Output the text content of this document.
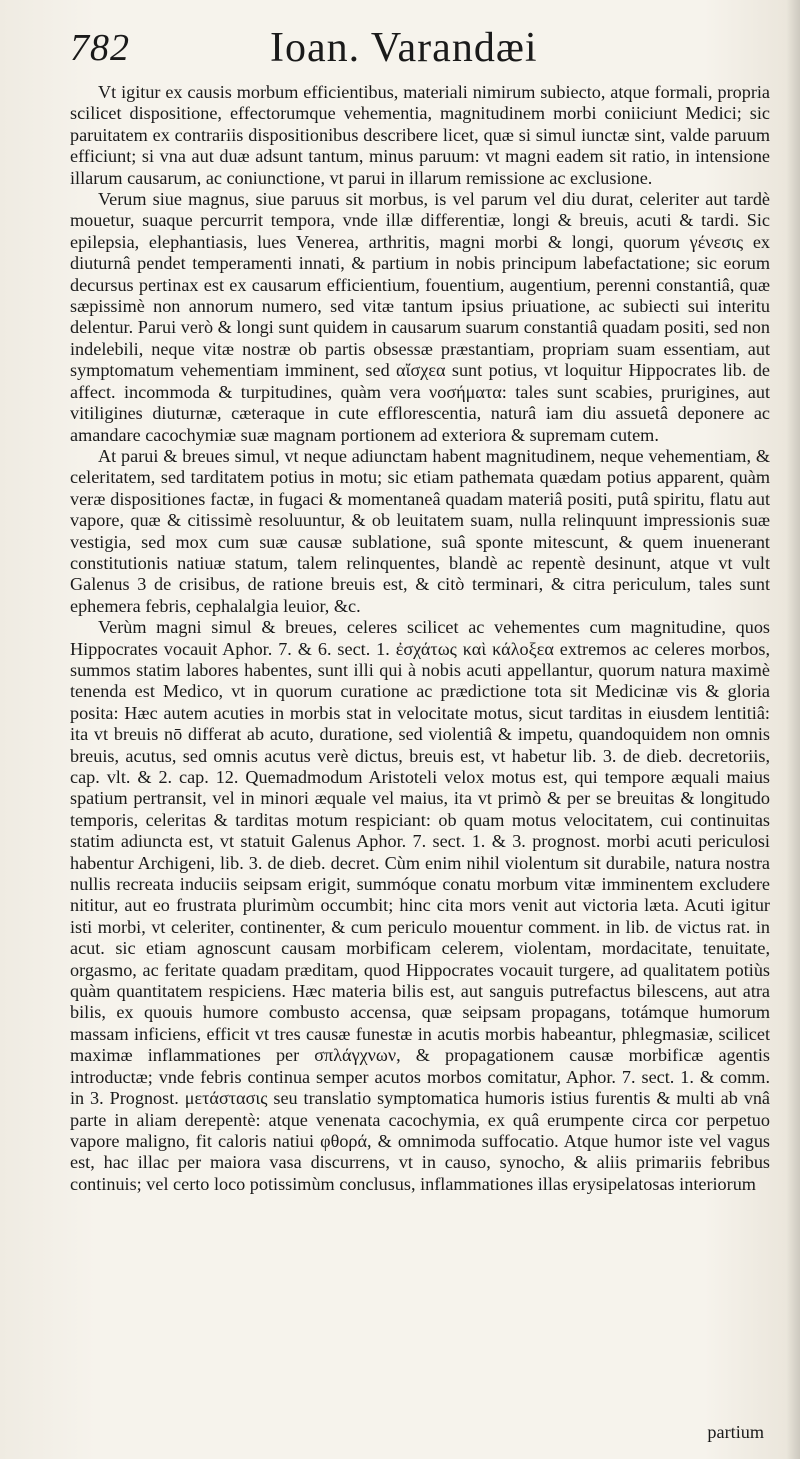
782	Ioan. Varandæi

Vt igitur ex causis morbum efficientibus, materiali nimirum subiecto, atque formali, propria scilicet dispositione, effectorumque vehementia, magnitudinem morbi coniiciunt Medici; sic paruitatem ex contrariis dispositionibus describere licet, quæ si simul iunctæ sint, valde paruum efficiunt; si vna aut duæ adsunt tantum, minus paruum: vt magni eadem sit ratio, in intensione illarum causarum, ac coniunctione, vt parui in illarum remissione ac exclusione.

Verum siue magnus, siue paruus sit morbus, is vel parum vel diu durat, celeriter aut tardè mouetur, suaque percurrit tempora, vnde illæ differentiæ, longi & breuis, acuti & tardi. Sic epilepsia, elephantiasis, lues Venerea, arthritis, magni morbi & longi, quorum γένεσις ex diuturnâ pendet temperamenti innati, & partium in nobis principum labefactatione; sic eorum decursus pertinax est ex causarum efficientium, fouentium, augentium, perenni constantiâ, quæ sæpissimè non annorum numero, sed vitæ tantum ipsius priuatione, ac subiecti sui interitu delentur. Parui verò & longi sunt quidem in causarum suarum constantiâ quadam positi, sed non indelebili, neque vitæ nostræ ob partis obsessæ præstantiam, propriam suam essentiam, aut symptomatum vehementiam imminent, sed αἴσχεα sunt potius, vt loquitur Hippocrates lib. de affect. incommoda & turpitudines, quàm vera νοσήματα: tales sunt scabies, prurigines, aut vitiligines diuturnæ, cæteraque in cute efflorescentia, naturâ iam diu assuetâ deponere ac amandare cacochymiæ suæ magnam portionem ad exteriora & supremam cutem.

At parui & breues simul, vt neque adiunctam habent magnitudinem, neque vehementiam, & celeritatem, sed tarditatem potius in motu; sic etiam pathemata quædam potius apparent, quàm veræ dispositiones factæ, in fugaci & momentaneâ quadam materiâ positi, putâ spiritu, flatu aut vapore, quæ & citissimè resoluuntur, & ob leuitatem suam, nulla relinquunt impressionis suæ vestigia, sed mox cum suæ causæ sublatione, suâ sponte mitescunt, & quem inuenerant constitutionis natiuæ statum, talem relinquentes, blandè ac repentè desinunt, atque vt vult Galenus 3 de crisibus, de ratione breuis est, & citò terminari, & citra periculum, tales sunt ephemera febris, cephalalgia leuior, &c.

Verùm magni simul & breues, celeres scilicet ac vehementes cum magnitudine, quos Hippocrates vocauit Aphor. 7. & 6. sect. 1. ἐσχάτως καὶ κάλοξεα extremos ac celeres morbos, summos statim labores habentes, sunt illi qui à nobis acuti appellantur, quorum natura maximè tenenda est Medico, vt in quorum curatione ac prædictione tota sit Medicinæ vis & gloria posita: Hæc autem acuties in morbis stat in velocitate motus, sicut tarditas in eiusdem lentitiâ: ita vt breuis nō differat ab acuto, duratione, sed violentiâ & impetu, quandoquidem non omnis breuis, acutus, sed omnis acutus verè dictus, breuis est, vt habetur lib. 3. de dieb. decretoriis, cap. vlt. & 2. cap. 12. Quemadmodum Aristoteli velox motus est, qui tempore æquali maius spatium pertransit, vel in minori æquale vel maius, ita vt primò & per se breuitas & longitudo temporis, celeritas & tarditas motum respiciant: ob quam motus velocitatem, cui continuitas statim adiuncta est, vt statuit Galenus Aphor. 7. sect. 1. & 3. prognost. morbi acuti periculosi habentur Archigeni, lib. 3. de dieb. decret. Cùm enim nihil violentum sit durabile, natura nostra nullis recreata induciis seipsam erigit, summóque conatu morbum vitæ imminentem excludere nititur, aut eo frustrata plurimùm occumbit; hinc cita mors venit aut victoria læta. Acuti igitur isti morbi, vt celeriter, continenter, & cum periculo mouentur comment. in lib. de victus rat. in acut. sic etiam agnoscunt causam morbificam celerem, violentam, mordacitate, tenuitate, orgasmo, ac feritate quadam præditam, quod Hippocrates vocauit turgere, ad qualitatem potiùs quàm quantitatem respiciens. Hæc materia bilis est, aut sanguis putrefactus bilescens, aut atra bilis, ex quouis humore combusto accensa, quæ seipsam propagans, totámque humorum massam inficiens, efficit vt tres causæ funestæ in acutis morbis habeantur, phlegmasiæ, scilicet maximæ inflammationes per σπλάγχνων, & propagationem causæ morbificæ agentis introductæ; vnde febris continua semper acutos morbos comitatur, Aphor. 7. sect. 1. & comm. in 3. Prognost. μετάστασις seu translatio symptomatica humoris istius furentis & multi ab vnâ parte in aliam derepentè: atque venenata cacochymia, ex quâ erumpente circa cor perpetuo vapore maligno, fit caloris natiui φθορά, & omnimoda suffocatio. Atque humor iste vel vagus est, hac illac per maiora vasa discurrens, vt in causo, synocho, & aliis primariis febribus continuis; vel certo loco potissimùm conclusus, inflammationes illas erysipelatosas interiorum

partium
